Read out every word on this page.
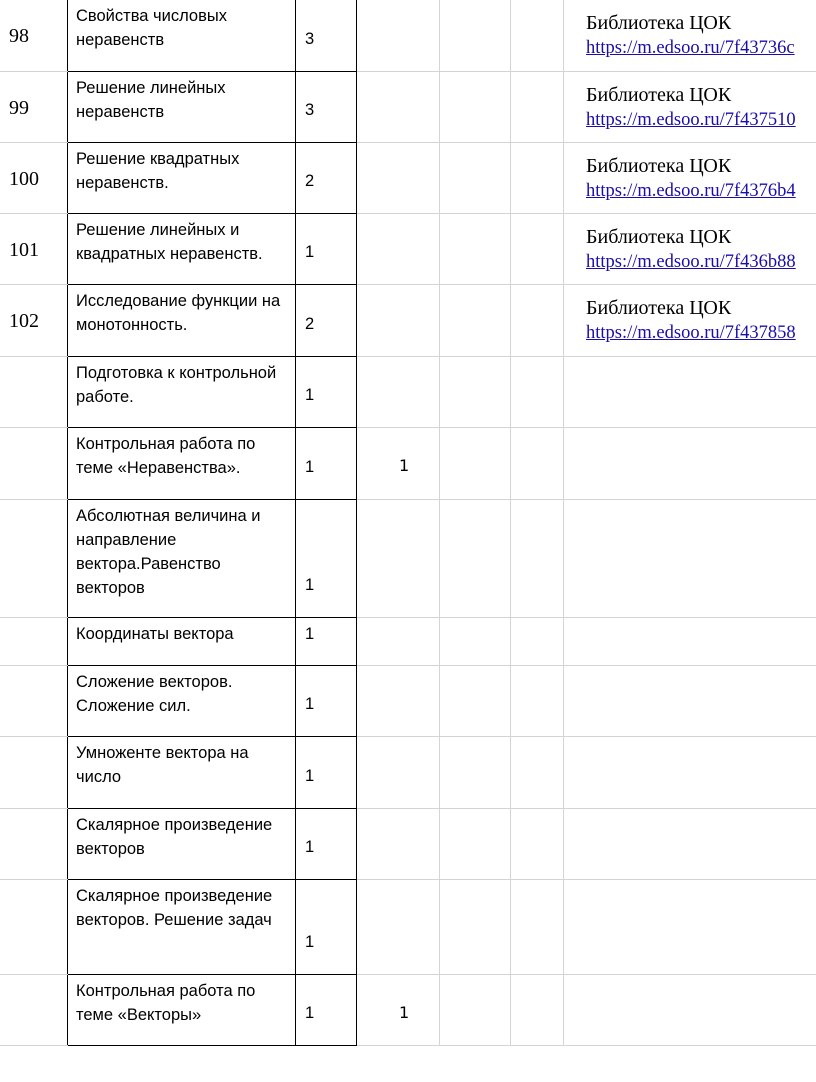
98	Свойства числовых неравенств	3				Библиотека ЦОК
https://m.edsoo.ru/7f43736c

99	Решение линейных неравенств	3				Библиотека ЦОК
https://m.edsoo.ru/7f437510

100	Решение квадратных неравенств.	2				Библиотека ЦОК
https://m.edsoo.ru/7f4376b4

101	Решение линейных и квадратных неравенств.	1				Библиотека ЦОК
https://m.edsoo.ru/7f436b88

102	Исследование функции на монотонность.	2				Библиотека ЦОК
https://m.edsoo.ru/7f437858

	Подготовка к контрольной работе.	1				

	Контрольная работа по теме «Неравенства».	1	1			

	Абсолютная величина и направление вектора.Равенство векторов	1				

	Координаты вектора	1				

	Сложение векторов. Сложение сил.	1				

	Умноженте вектора на число	1				

	Скалярное произведение векторов	1				

	Скалярное произведение векторов. Решение задач	1				

	Контрольная работа по теме «Векторы»	1	1			
